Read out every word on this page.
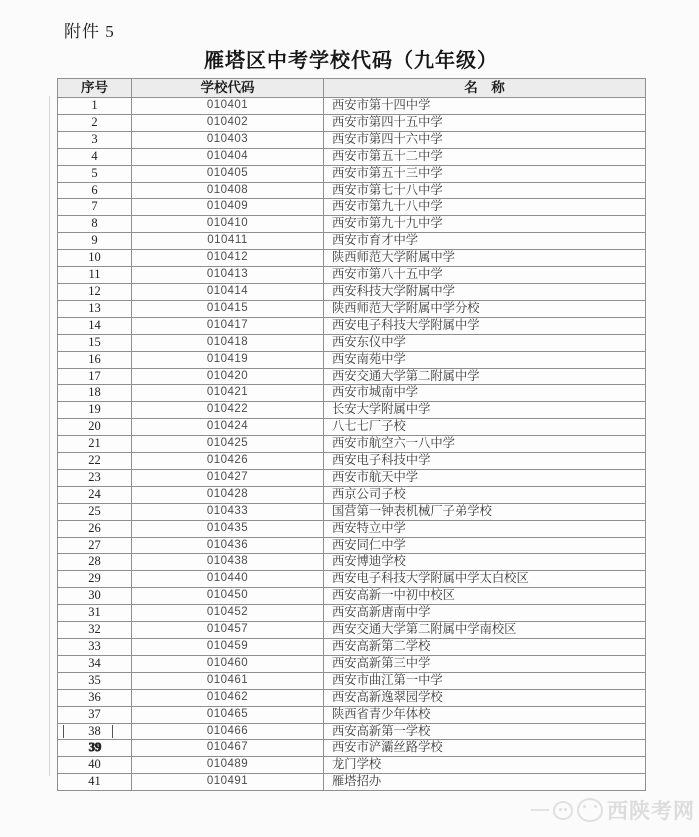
附件 5
雁塔区中考学校代码（九年级）
序号	学校代码	名　称
1	010401	西安市第十四中学
2	010402	西安市第四十五中学
3	010403	西安市第四十六中学
4	010404	西安市第五十二中学
5	010405	西安市第五十三中学
6	010408	西安市第七十八中学
7	010409	西安市第九十八中学
8	010410	西安市第九十九中学
9	010411	西安市育才中学
10	010412	陕西师范大学附属中学
11	010413	西安市第八十五中学
12	010414	西安科技大学附属中学
13	010415	陕西师范大学附属中学分校
14	010417	西安电子科技大学附属中学
15	010418	西安东仪中学
16	010419	西安南苑中学
17	010420	西安交通大学第二附属中学
18	010421	西安市城南中学
19	010422	长安大学附属中学
20	010424	八七七厂子校
21	010425	西安市航空六一八中学
22	010426	西安电子科技中学
23	010427	西安市航天中学
24	010428	西京公司子校
25	010433	国营第一钟表机械厂子弟学校
26	010435	西安特立中学
27	010436	西安同仁中学
28	010438	西安博迪学校
29	010440	西安电子科技大学附属中学太白校区
30	010450	西安高新一中初中校区
31	010452	西安高新唐南中学
32	010457	西安交通大学第二附属中学南校区
33	010459	西安高新第二学校
34	010460	西安高新第三中学
35	010461	西安市曲江第一中学
36	010462	西安高新逸翠园学校
37	010465	陕西省青少年体校

38	010466	西安高新第一学校
39	010467	西安市浐灞丝路学校
40	010489	龙门学校
41	010491	雁塔招办
西陕考网
